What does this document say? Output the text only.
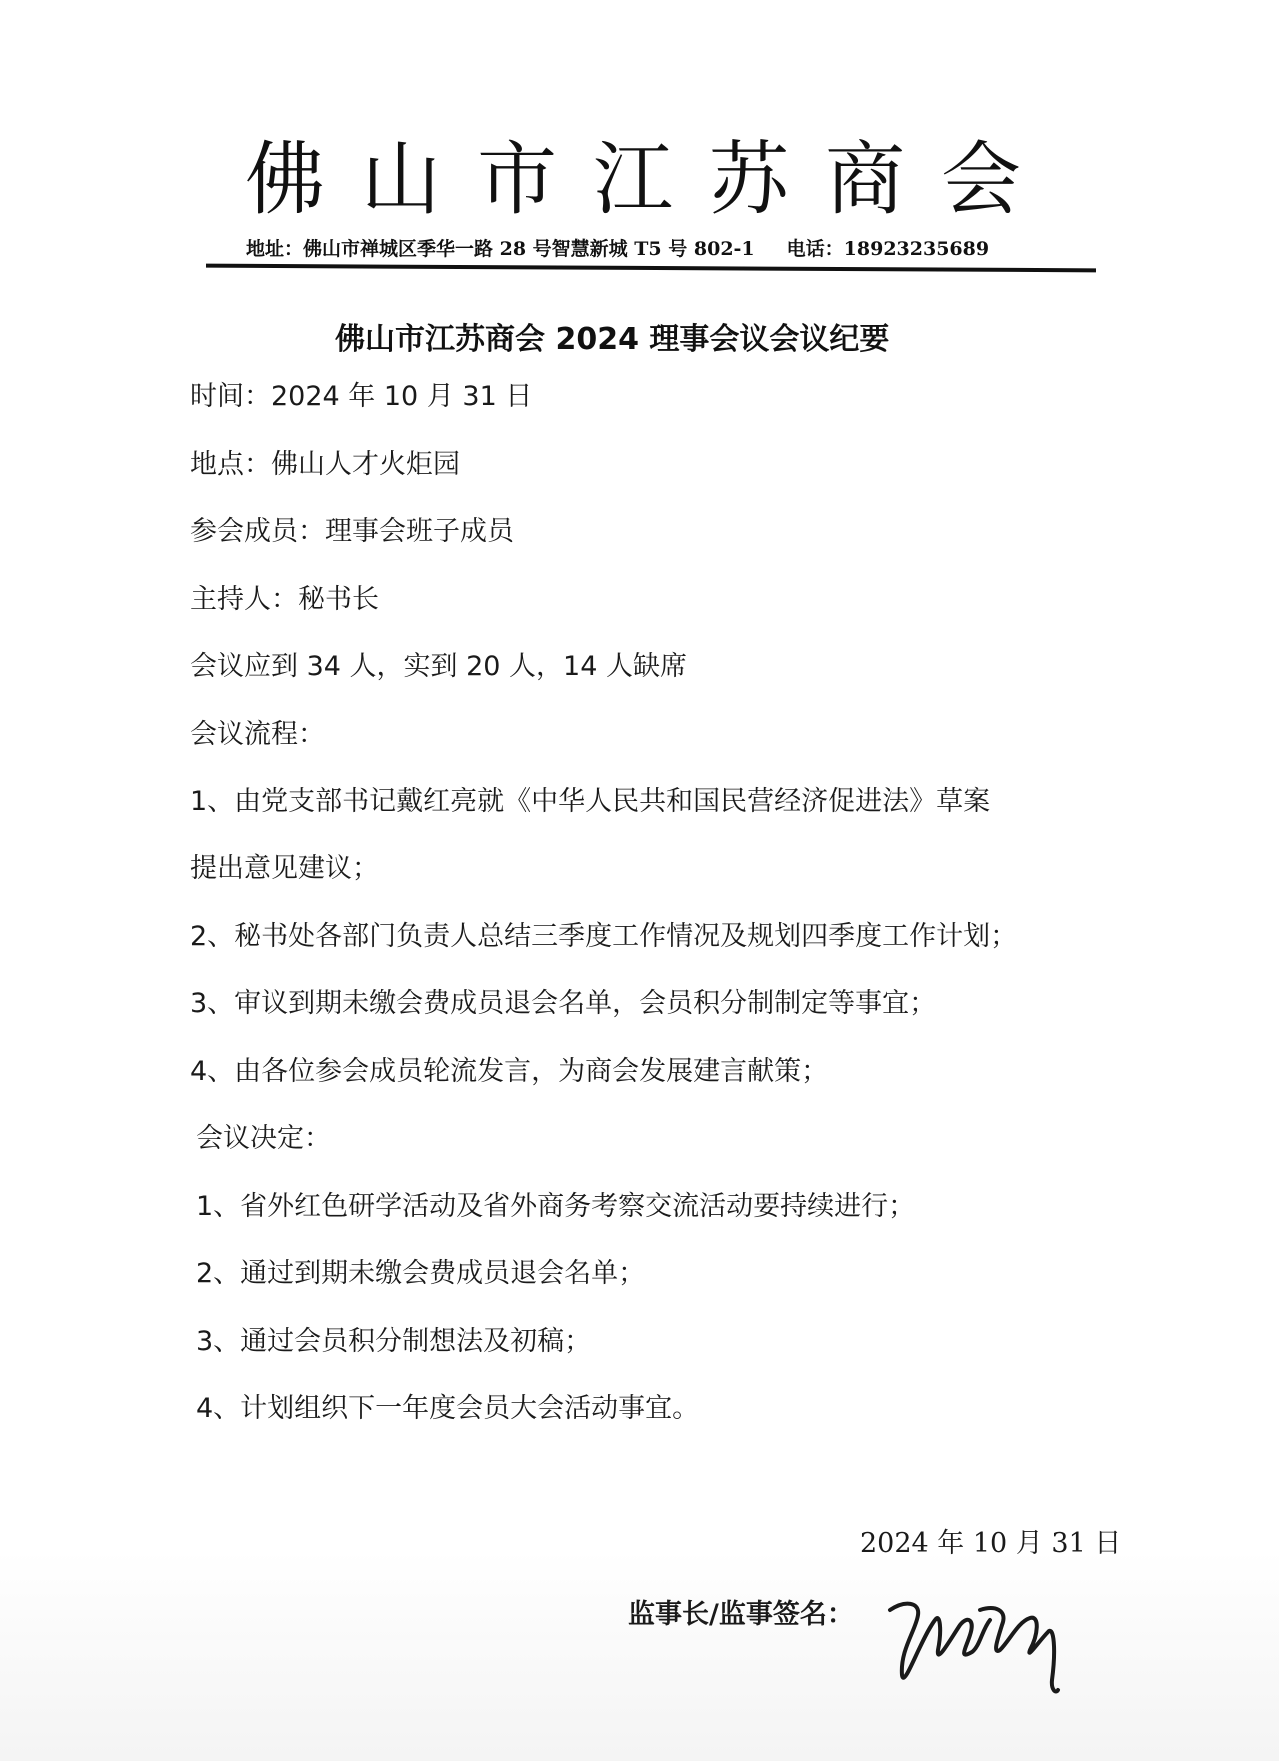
佛山市江苏商会
地址：佛山市禅城区季华一路 28 号智慧新城 T5 号 802-1 电话：18923235689
佛山市江苏商会 2024 理事会议会议纪要
时间：2024 年 10 月 31 日
地点：佛山人才火炬园
参会成员：理事会班子成员
主持人：秘书长
会议应到 34 人，实到 20 人，14 人缺席
会议流程：
1、由党支部书记戴红亮就《中华人民共和国民营经济促进法》草案
提出意见建议；
2、秘书处各部门负责人总结三季度工作情况及规划四季度工作计划；
3、审议到期未缴会费成员退会名单，会员积分制制定等事宜；
4、由各位参会成员轮流发言，为商会发展建言献策；
会议决定：
1、省外红色研学活动及省外商务考察交流活动要持续进行；
2、通过到期未缴会费成员退会名单；
3、通过会员积分制想法及初稿；
4、计划组织下一年度会员大会活动事宜。
2024 年 10 月 31 日
监事长/监事签名：
